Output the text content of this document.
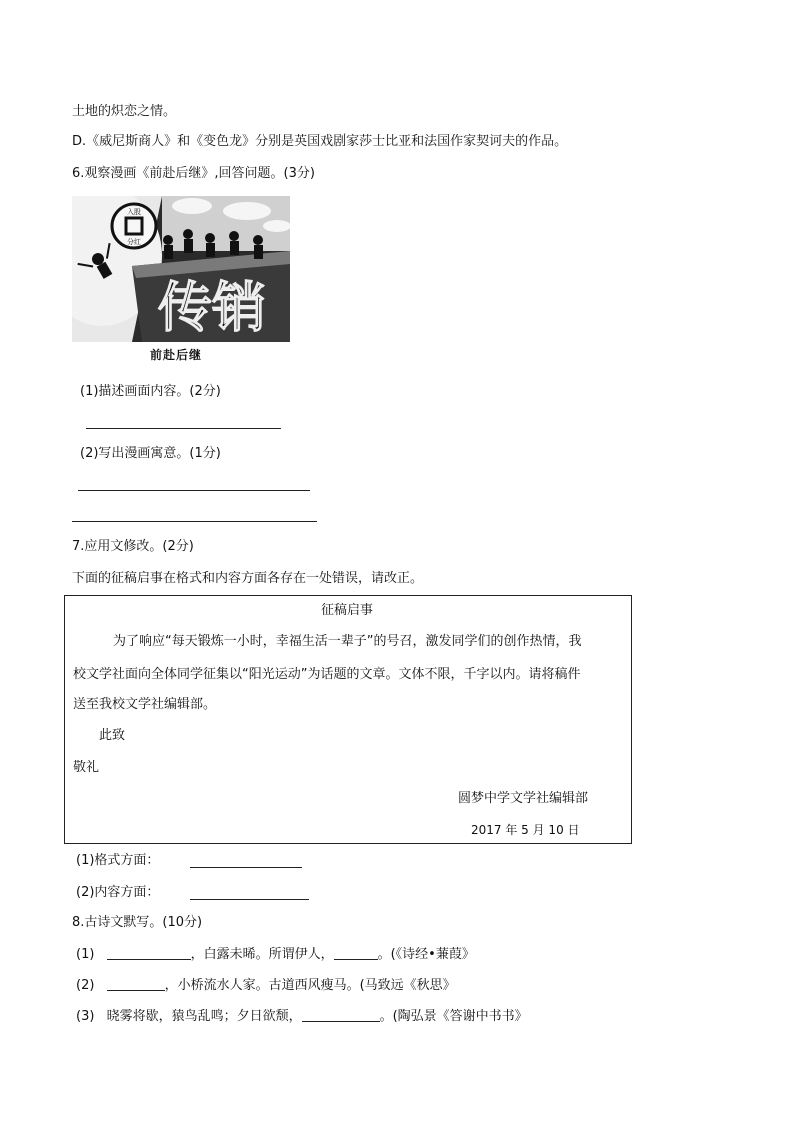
土地的炽恋之情。
D.《威尼斯商人》和《变色龙》分别是英国戏剧家莎士比亚和法国作家契诃夫的作品。
6.观察漫画《前赴后继》,回答问题。(3分)
入股
分红
传销
前赴后继
(1)描述画面内容。(2分)
(2)写出漫画寓意。(1分)
7.应用文修改。(2分)
下面的征稿启事在格式和内容方面各存在一处错误，请改正。
征稿启事
为了响应“每天锻炼一小时，幸福生活一辈子”的号召，激发同学们的创作热情，我
校文学社面向全体同学征集以“阳光运动”为话题的文章。文体不限，千字以内。请将稿件
送至我校文学社编辑部。
此致
敬礼
圆梦中学文学社编辑部
2017 年 5 月 10 日
(1)格式方面：
(2)内容方面：
8.古诗文默写。(10分)
(1)	，白露未晞。所谓伊人，	。(《诗经•蒹葭》
(2)	，小桥流水人家。古道西风瘦马。(马致远《秋思》
(3) 晓雾将歇，猿鸟乱鸣；夕日欲颓，	。(陶弘景《答谢中书书》
